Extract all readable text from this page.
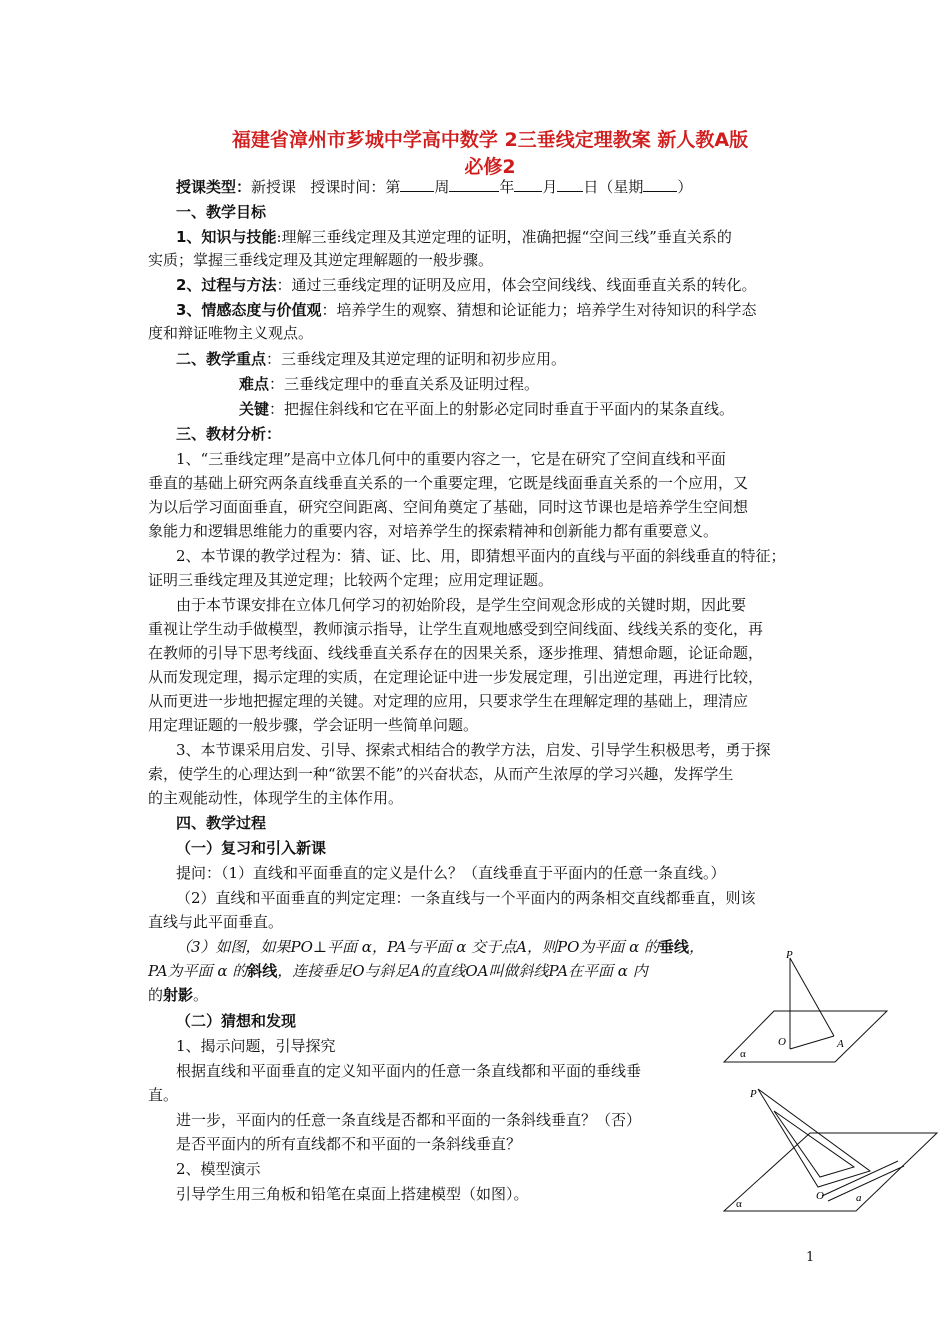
福建省漳州市芗城中学高中数学 2三垂线定理教案 新人教A版
必修2
授课类型：新授课 授课时间：第 周	年 月 日（星期 ）
一、教学目标
1、知识与技能:理解三垂线定理及其逆定理的证明，准确把握“空间三线”垂直关系的
实质；掌握三垂线定理及其逆定理解题的一般步骤。
2、过程与方法：通过三垂线定理的证明及应用，体会空间线线、线面垂直关系的转化。
3、情感态度与价值观：培养学生的观察、猜想和论证能力；培养学生对待知识的科学态
度和辩证唯物主义观点。
二、教学重点：三垂线定理及其逆定理的证明和初步应用。
难点：三垂线定理中的垂直关系及证明过程。
关键：把握住斜线和它在平面上的射影必定同时垂直于平面内的某条直线。
三、教材分析：
1、“三垂线定理”是高中立体几何中的重要内容之一，它是在研究了空间直线和平面
垂直的基础上研究两条直线垂直关系的一个重要定理，它既是线面垂直关系的一个应用，又
为以后学习面面垂直，研究空间距离、空间角奠定了基础，同时这节课也是培养学生空间想
象能力和逻辑思维能力的重要内容，对培养学生的探索精神和创新能力都有重要意义。
2、本节课的教学过程为：猜、证、比、用，即猜想平面内的直线与平面的斜线垂直的特征；
证明三垂线定理及其逆定理；比较两个定理；应用定理证题。
由于本节课安排在立体几何学习的初始阶段，是学生空间观念形成的关键时期，因此要
重视让学生动手做模型，教师演示指导，让学生直观地感受到空间线面、线线关系的变化，再
在教师的引导下思考线面、线线垂直关系存在的因果关系，逐步推理、猜想命题，论证命题，
从而发现定理，揭示定理的实质，在定理论证中进一步发展定理，引出逆定理，再进行比较，
从而更进一步地把握定理的关键。对定理的应用，只要求学生在理解定理的基础上，理清应
用定理证题的一般步骤，学会证明一些简单问题。
3、本节课采用启发、引导、探索式相结合的教学方法，启发、引导学生积极思考，勇于探
索，使学生的心理达到一种“欲罢不能”的兴奋状态，从而产生浓厚的学习兴趣，发挥学生
的主观能动性，体现学生的主体作用。
四、教学过程
（一）复习和引入新课
提问：（1）直线和平面垂直的定义是什么？（直线垂直于平面内的任意一条直线。）
（2）直线和平面垂直的判定定理：一条直线与一个平面内的两条相交直线都垂直，则该
直线与此平面垂直。
（3）如图，如果PO⊥平面 α，PA与平面 α 交于点A，则PO为平面 α 的垂线，
PA为平面 α 的斜线，连接垂足O与斜足A的直线OA叫做斜线PA在平面 α 内
的射影。
（二）猜想和发现
1、揭示问题，引导探究
根据直线和平面垂直的定义知平面内的任意一条直线都和平面的垂线垂
直。
进一步，平面内的任意一条直线是否都和平面的一条斜线垂直？（否）
是否平面内的所有直线都不和平面的一条斜线垂直？
2、模型演示
引导学生用三角板和铅笔在桌面上搭建模型（如图）。
P
O	A
α
P
O	a
α
1
